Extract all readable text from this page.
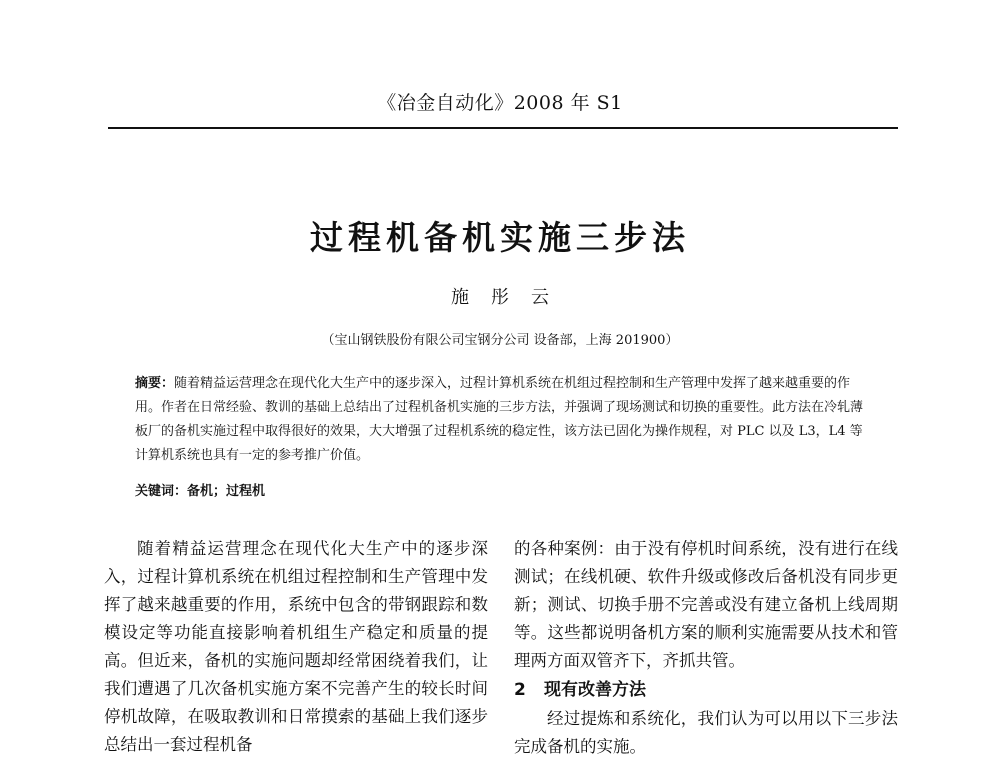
《冶金自动化》2008 年 S1
过程机备机实施三步法
施彤云
（宝山钢铁股份有限公司宝钢分公司 设备部，上海 201900）

摘要：随着精益运营理念在现代化大生产中的逐步深入，过程计算机系统在机组过程控制和生产管理中发挥了越来越重要的作用。作者在日常经验、教训的基础上总结出了过程机备机实施的三步方法，并强调了现场测试和切换的重要性。此方法在冷轧薄板厂的备机实施过程中取得很好的效果，大大增强了过程机系统的稳定性，该方法已固化为操作规程，对 PLC 以及 L3，L4 等计算机系统也具有一定的参考推广价值。

关键词：备机；过程机

随着精益运营理念在现代化大生产中的逐步深入，过程计算机系统在机组过程控制和生产管理中发挥了越来越重要的作用，系统中包含的带钢跟踪和数模设定等功能直接影响着机组生产稳定和质量的提高。但近来，备机的实施问题却经常困绕着我们，让我们遭遇了几次备机实施方案不完善产生的较长时间停机故障，在吸取教训和日常摸索的基础上我们逐步总结出一套过程机备

的各种案例：由于没有停机时间系统，没有进行在线测试；在线机硬、软件升级或修改后备机没有同步更新；测试、切换手册不完善或没有建立备机上线周期等。这些都说明备机方案的顺利实施需要从技术和管理两方面双管齐下，齐抓共管。

2 现有改善方法

经过提炼和系统化，我们认为可以用以下三步法完成备机的实施。
